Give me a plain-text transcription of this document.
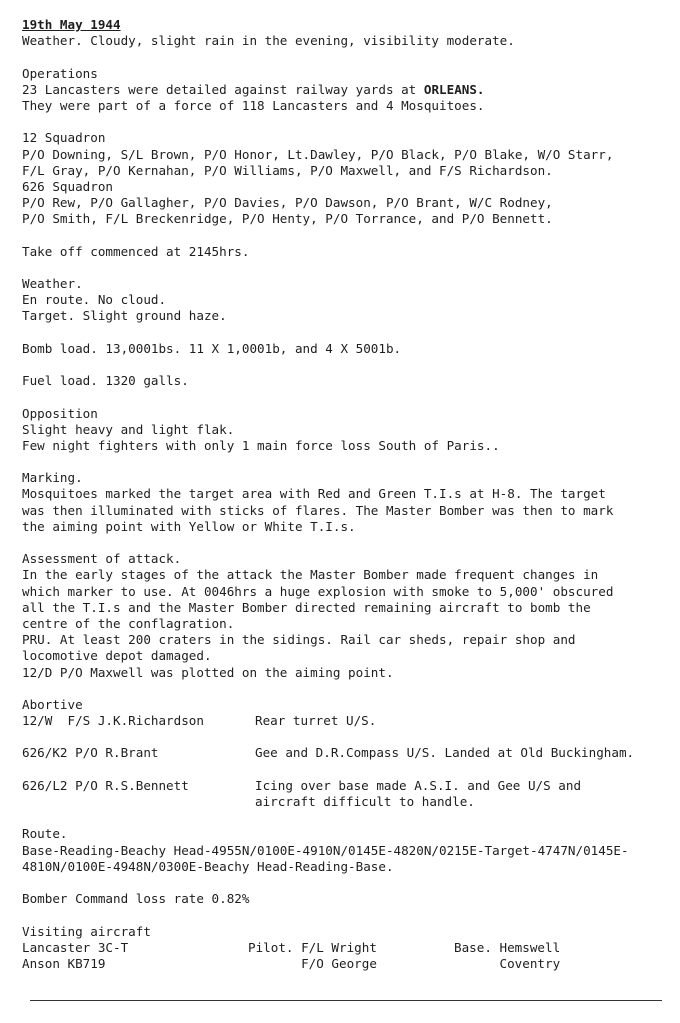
19th May 1944
Weather. Cloudy, slight rain in the evening, visibility moderate.
Operations
23 Lancasters were detailed against railway yards at ORLEANS.
They were part of a force of 118 Lancasters and 4 Mosquitoes.
12 Squadron
P/O Downing, S/L Brown, P/O Honor, Lt.Dawley, P/O Black, P/O Blake, W/O Starr,
F/L Gray, P/O Kernahan, P/O Williams, P/O Maxwell, and F/S Richardson.
626 Squadron
P/O Rew, P/O Gallagher, P/O Davies, P/O Dawson, P/O Brant, W/C Rodney,
P/O Smith, F/L Breckenridge, P/O Henty, P/O Torrance, and P/O Bennett.
Take off commenced at 2145hrs.
Weather.
En route. No cloud.
Target. Slight ground haze.
Bomb load. 13,0001bs. 11 X 1,0001b, and 4 X 5001b.
Fuel load. 1320 galls.
Opposition
Slight heavy and light flak.
Few night fighters with only 1 main force loss South of Paris..
Marking.
Mosquitoes marked the target area with Red and Green T.I.s at H-8. The target
was then illuminated with sticks of flares. The Master Bomber was then to mark
the aiming point with Yellow or White T.I.s.
Assessment of attack.
In the early stages of the attack the Master Bomber made frequent changes in
which marker to use. At 0046hrs a huge explosion with smoke to 5,000' obscured
all the T.I.s and the Master Bomber directed remaining aircraft to bomb the
centre of the conflagration.
PRU. At least 200 craters in the sidings. Rail car sheds, repair shop and
locomotive depot damaged.
12/D P/O Maxwell was plotted on the aiming point.
Abortive
12/W  F/S J.K.Richardson	Rear turret U/S.
626/K2 P/O R.Brant	Gee and D.R.Compass U/S. Landed at Old Buckingham.
626/L2 P/O R.S.Bennett	Icing over base made A.S.I. and Gee U/S and
aircraft difficult to handle.
Route.
Base-Reading-Beachy Head-4955N/0100E-4910N/0145E-4820N/0215E-Target-4747N/0145E-
4810N/0100E-4948N/0300E-Beachy Head-Reading-Base.
Bomber Command loss rate 0.82%
Visiting aircraft
Lancaster 3C-T	Pilot. F/L Wright	Base. Hemswell
Anson KB719	F/O George	Coventry
